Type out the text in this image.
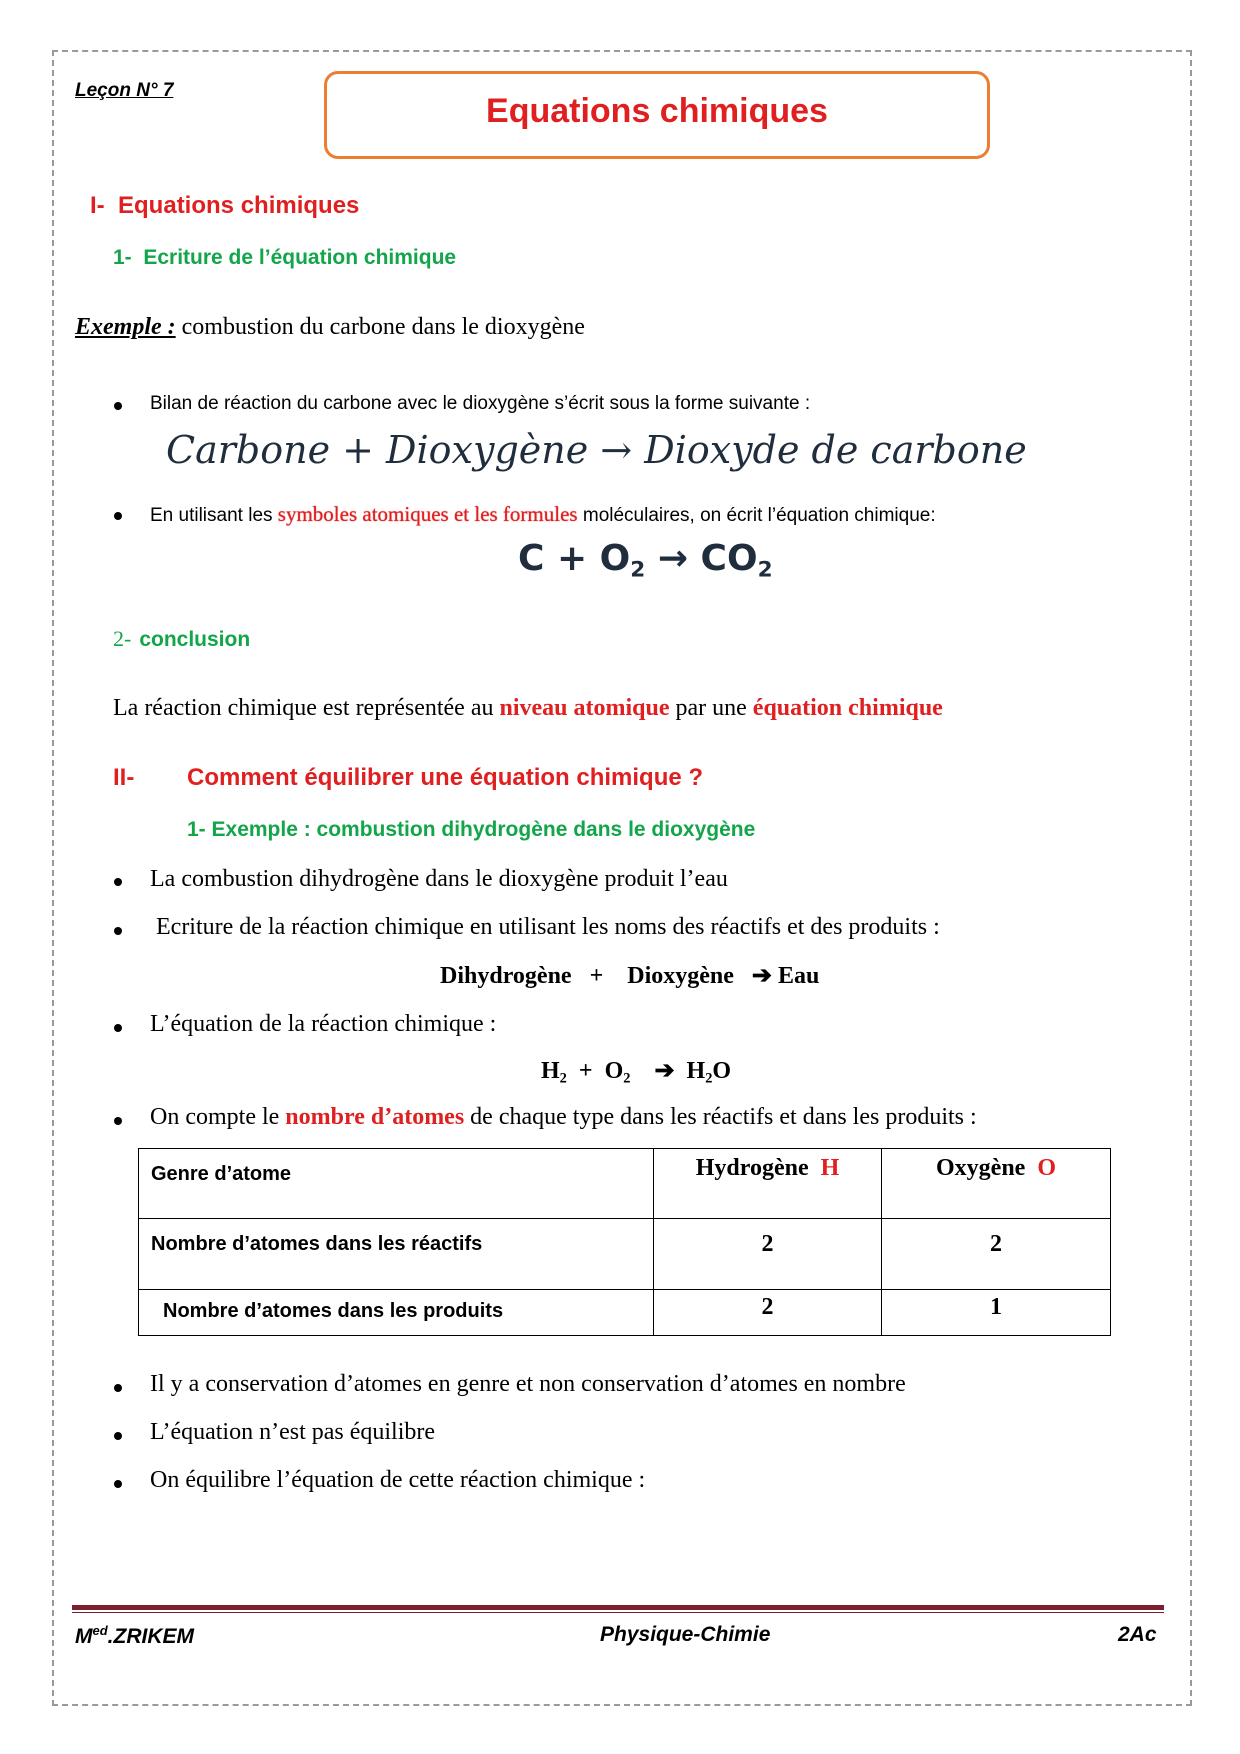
Leçon N° 7
Equations chimiques
I- Equations chimiques
1- Ecriture de l’équation chimique
Exemple : combustion du carbone dans le dioxygène
Bilan de réaction du carbone avec le dioxygène s’écrit sous la forme suivante :
Carbone + Dioxygène → Dioxyde de carbone
En utilisant les symboles atomiques et les formules moléculaires, on écrit l’équation chimique:
$C + O_2 \to CO_2$
2- conclusion
La réaction chimique est représentée au niveau atomique par une équation chimique
II- Comment équilibrer une équation chimique ?
1- Exemple : combustion dihydrogène dans le dioxygène
La combustion dihydrogène dans le dioxygène produit l’eau
Ecriture de la réaction chimique en utilisant les noms des réactifs et des produits :
Dihydrogène + Dioxygène ➔ Eau
L’équation de la réaction chimique :
$H_2 + O_2$ ➔ $H_2O$
On compte le nombre d’atomes de chaque type dans les réactifs et dans les produits :
Genre d’atome	Hydrogène H	Oxygène O
Nombre d’atomes dans les réactifs	2	2
Nombre d’atomes dans les produits	2	1
Il y a conservation d’atomes en genre et non conservation d’atomes en nombre
L’équation n’est pas équilibre
On équilibre l’équation de cette réaction chimique :
$M^{ed}.ZRIKEM$	Physique-Chimie	2Ac
